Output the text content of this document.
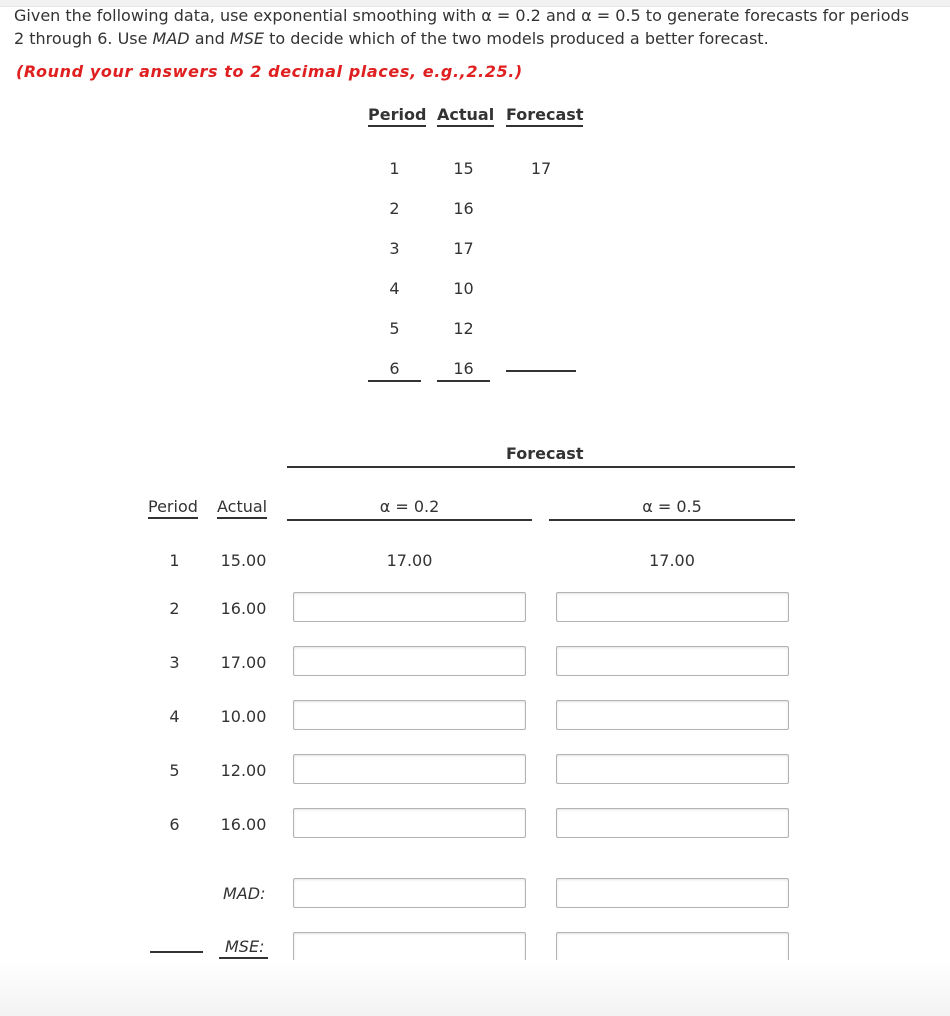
Given the following data, use exponential smoothing with α = 0.2 and α = 0.5 to generate forecasts for periods 2 through 6. Use MAD and MSE to decide which of the two models produced a better forecast.
(Round your answers to 2 decimal places, e.g.,2.25.)
Period Actual Forecast
1	15	17
2	16
3	17
4	10
5	12
6	16
Forecast
Period Actual	α = 0.2	α = 0.5
1	15.00	17.00	17.00
2	16.00
3	17.00
4	10.00
5	12.00
6	16.00
MAD:
MSE:
